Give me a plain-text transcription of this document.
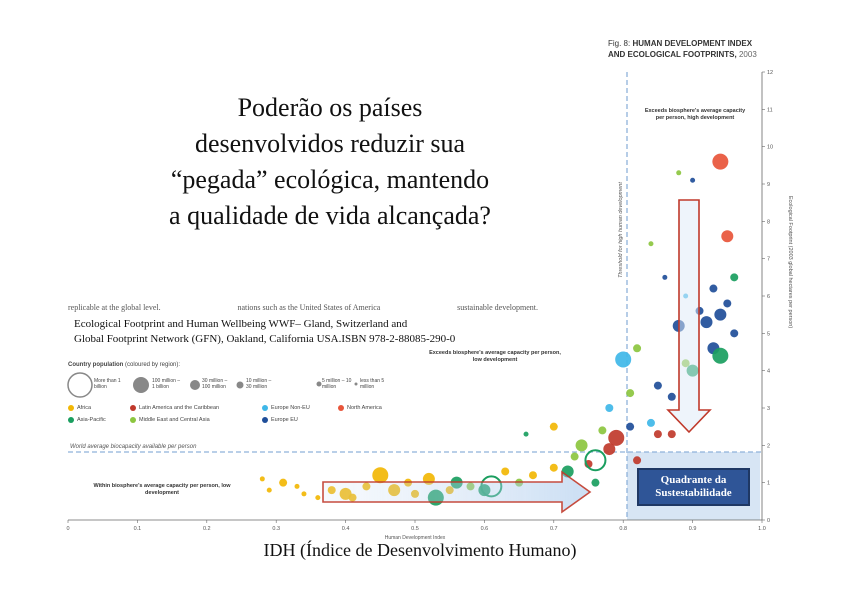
Poderão os países
desenvolvidos reduzir sua
“pegada” ecológica, mantendo
a qualidade de vida alcançada?
Fig. 8: HUMAN DEVELOPMENT INDEX
AND ECOLOGICAL FOOTPRINTS, 2003
0	0.1	0.2	0.3	0.4	0.5	0.6	0.7	0.8	0.9	1.0
0
1
2
3
4
5
6
7
8
9
10
11
12
Human Development Index
Ecological Footprint (2003 global hectares per person)
Threshold for high human development
World average biocapacity available per person
replicable at the global level.	nations such as the United States of America	sustainable development.
Ecological Footprint and Human Wellbeing WWF– Gland, Switzerland and
Global Footprint Network (GFN), Oakland, California USA.ISBN 978-2-88085-290-0
Country population (coloured by region):
More than 1 billion
100 million – 1 billion
30 million – 100 million
10 million – 30 million
5 million – 10 million
less than 5 million
Africa	Latin America and the Caribbean	Europe Non-EU	North America
Asia-Pacific	Middle East and Central Asia	Europe EU
Exceeds biosphere's average capacity per person, high development
Exceeds biosphere's average capacity per person, low development
Within biosphere's average capacity per person, low development
Quadrante da
Sustestabilidade
IDH (Índice de Desenvolvimento Humano)
